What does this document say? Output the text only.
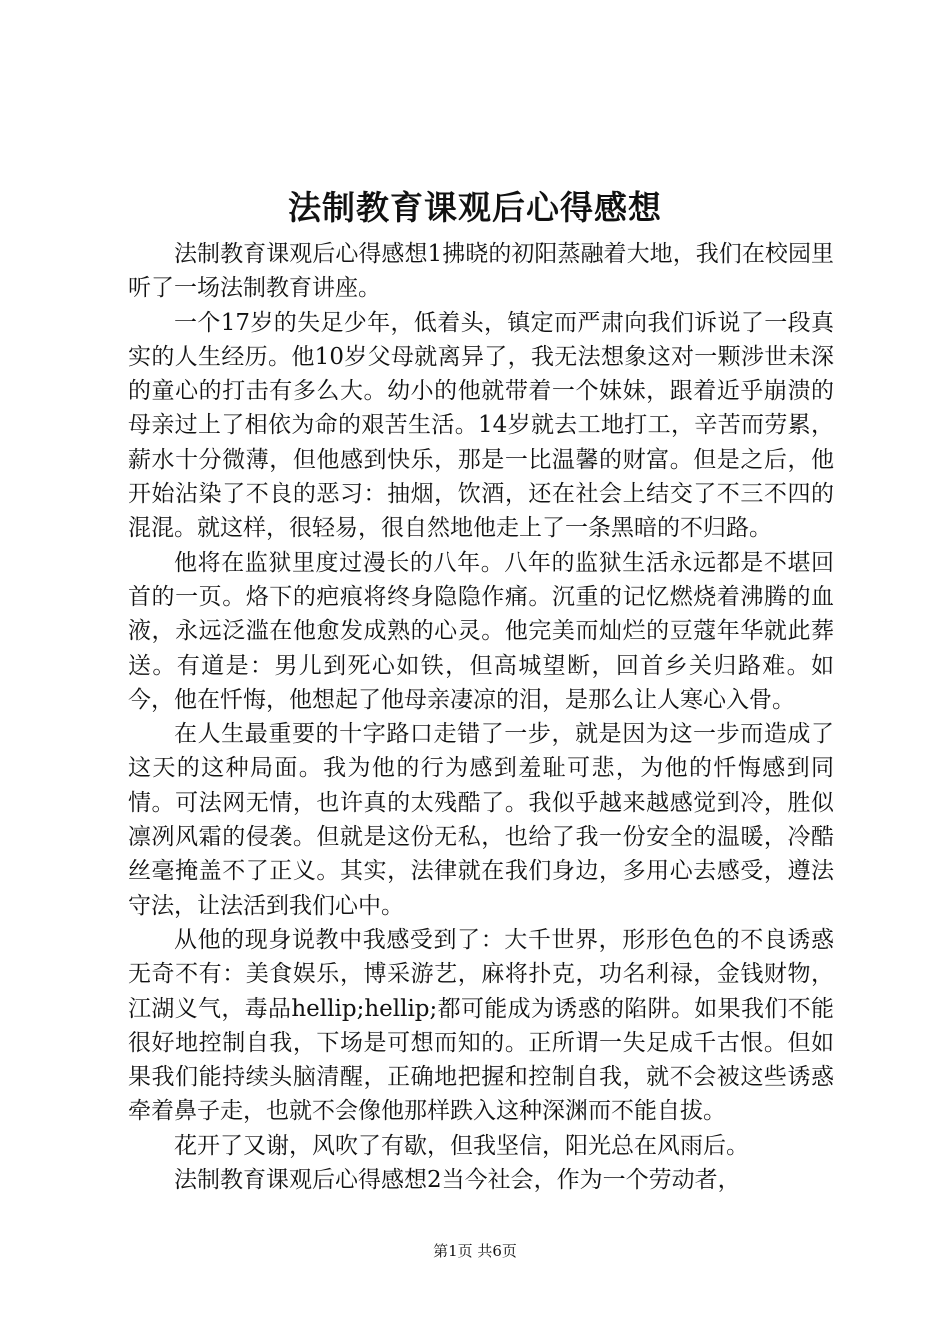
法制教育课观后心得感想

法制教育课观后心得感想1拂晓的初阳蒸融着大地，我们在校园里听了一场法制教育讲座。

一个17岁的失足少年，低着头，镇定而严肃向我们诉说了一段真实的人生经历。他10岁父母就离异了，我无法想象这对一颗涉世未深的童心的打击有多么大。幼小的他就带着一个妹妹，跟着近乎崩溃的母亲过上了相依为命的艰苦生活。14岁就去工地打工，辛苦而劳累，薪水十分微薄，但他感到快乐，那是一比温馨的财富。但是之后，他开始沾染了不良的恶习：抽烟，饮酒，还在社会上结交了不三不四的混混。就这样，很轻易，很自然地他走上了一条黑暗的不归路。

他将在监狱里度过漫长的八年。八年的监狱生活永远都是不堪回首的一页。烙下的疤痕将终身隐隐作痛。沉重的记忆燃烧着沸腾的血液，永远泛滥在他愈发成熟的心灵。他完美而灿烂的豆蔻年华就此葬送。有道是：男儿到死心如铁，但高城望断，回首乡关归路难。如今，他在忏悔，他想起了他母亲凄凉的泪，是那么让人寒心入骨。

在人生最重要的十字路口走错了一步，就是因为这一步而造成了这天的这种局面。我为他的行为感到羞耻可悲，为他的忏悔感到同情。可法网无情，也许真的太残酷了。我似乎越来越感觉到冷，胜似凛冽风霜的侵袭。但就是这份无私，也给了我一份安全的温暖，冷酷丝毫掩盖不了正义。其实，法律就在我们身边，多用心去感受，遵法守法，让法活到我们心中。

从他的现身说教中我感受到了：大千世界，形形色色的不良诱惑无奇不有：美食娱乐，博采游艺，麻将扑克，功名利禄，金钱财物，江湖义气，毒品hellip;hellip;都可能成为诱惑的陷阱。如果我们不能很好地控制自我，下场是可想而知的。正所谓一失足成千古恨。但如果我们能持续头脑清醒，正确地把握和控制自我，就不会被这些诱惑牵着鼻子走，也就不会像他那样跌入这种深渊而不能自拔。

花开了又谢，风吹了有歇，但我坚信，阳光总在风雨后。

法制教育课观后心得感想2当今社会，作为一个劳动者，

第1页 共6页
